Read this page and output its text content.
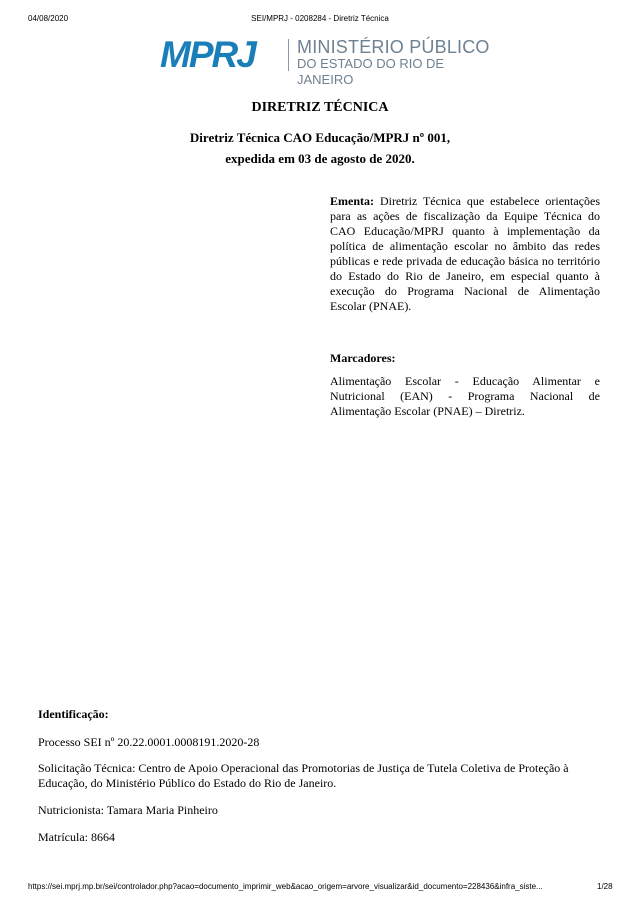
04/08/2020	SEI/MPRJ - 0208284 - Diretriz Técnica
MPRJ MINISTÉRIO PÚBLICO
DO ESTADO DO RIO DE JANEIRO
DIRETRIZ TÉCNICA
Diretriz Técnica CAO Educação/MPRJ nº 001,
expedida em 03 de agosto de 2020.
Ementa: Diretriz Técnica que estabelece orientações para as ações de fiscalização da Equipe Técnica do CAO Educação/MPRJ quanto à implementação da política de alimentação escolar no âmbito das redes públicas e rede privada de educação básica no território do Estado do Rio de Janeiro, em especial quanto à execução do Programa Nacional de Alimentação Escolar (PNAE).
Marcadores:
Alimentação Escolar - Educação Alimentar e Nutricional (EAN) - Programa Nacional de Alimentação Escolar (PNAE) – Diretriz.
Identificação:
Processo SEI nº 20.22.0001.0008191.2020-28
Solicitação Técnica: Centro de Apoio Operacional das Promotorias de Justiça de Tutela Coletiva de Proteção à Educação, do Ministério Público do Estado do Rio de Janeiro.
Nutricionista: Tamara Maria Pinheiro
Matrícula: 8664
https://sei.mprj.mp.br/sei/controlador.php?acao=documento_imprimir_web&acao_origem=arvore_visualizar&id_documento=228436&infra_siste...	1/28
